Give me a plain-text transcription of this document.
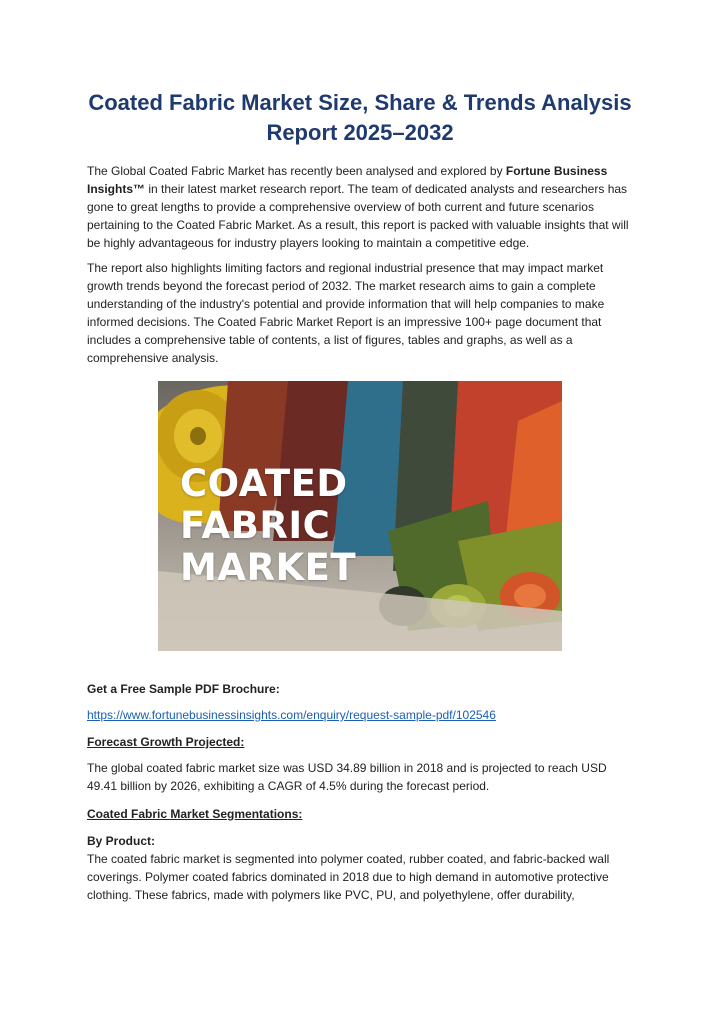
Coated Fabric Market Size, Share & Trends Analysis Report 2025–2032

The Global Coated Fabric Market has recently been analysed and explored by Fortune Business Insights™ in their latest market research report. The team of dedicated analysts and researchers has gone to great lengths to provide a comprehensive overview of both current and future scenarios pertaining to the Coated Fabric Market. As a result, this report is packed with valuable insights that will be highly advantageous for industry players looking to maintain a competitive edge.

The report also highlights limiting factors and regional industrial presence that may impact market growth trends beyond the forecast period of 2032. The market research aims to gain a complete understanding of the industry's potential and provide information that will help companies to make informed decisions. The Coated Fabric Market Report is an impressive 100+ page document that includes a comprehensive table of contents, a list of figures, tables and graphs, as well as a comprehensive analysis.

COATED
FABRIC
MARKET
Get a Free Sample PDF Brochure:
https://www.fortunebusinessinsights.com/enquiry/request-sample-pdf/102546
Forecast Growth Projected:

The global coated fabric market size was USD 34.89 billion in 2018 and is projected to reach USD 49.41 billion by 2026, exhibiting a CAGR of 4.5% during the forecast period.

Coated Fabric Market Segmentations:
By Product:

The coated fabric market is segmented into polymer coated, rubber coated, and fabric-backed wall coverings. Polymer coated fabrics dominated in 2018 due to high demand in automotive protective clothing. These fabrics, made with polymers like PVC, PU, and polyethylene, offer durability,
